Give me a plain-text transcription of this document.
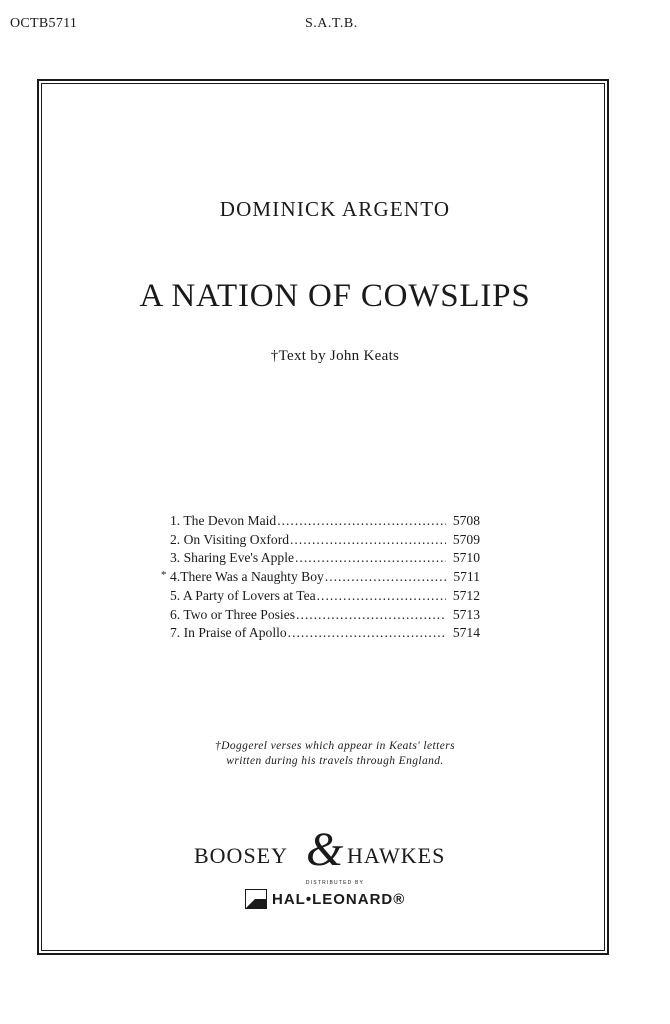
OCTB5711	S.A.T.B.
DOMINICK ARGENTO
A NATION OF COWSLIPS
†Text by John Keats
1. The Devon Maid .....	5708
2. On Visiting Oxford .....	5709
3. Sharing Eve's Apple .....	5710
* 4.There Was a Naughty Boy .....	5711
5. A Party of Lovers at Tea .....	5712
6. Two or Three Posies .....	5713
7. In Praise of Apollo .....	5714
†Doggerel verses which appear in Keats' letters
written during his travels through England.
BOOSEY & HAWKES
DISTRIBUTED BY
HAL•LEONARD®
